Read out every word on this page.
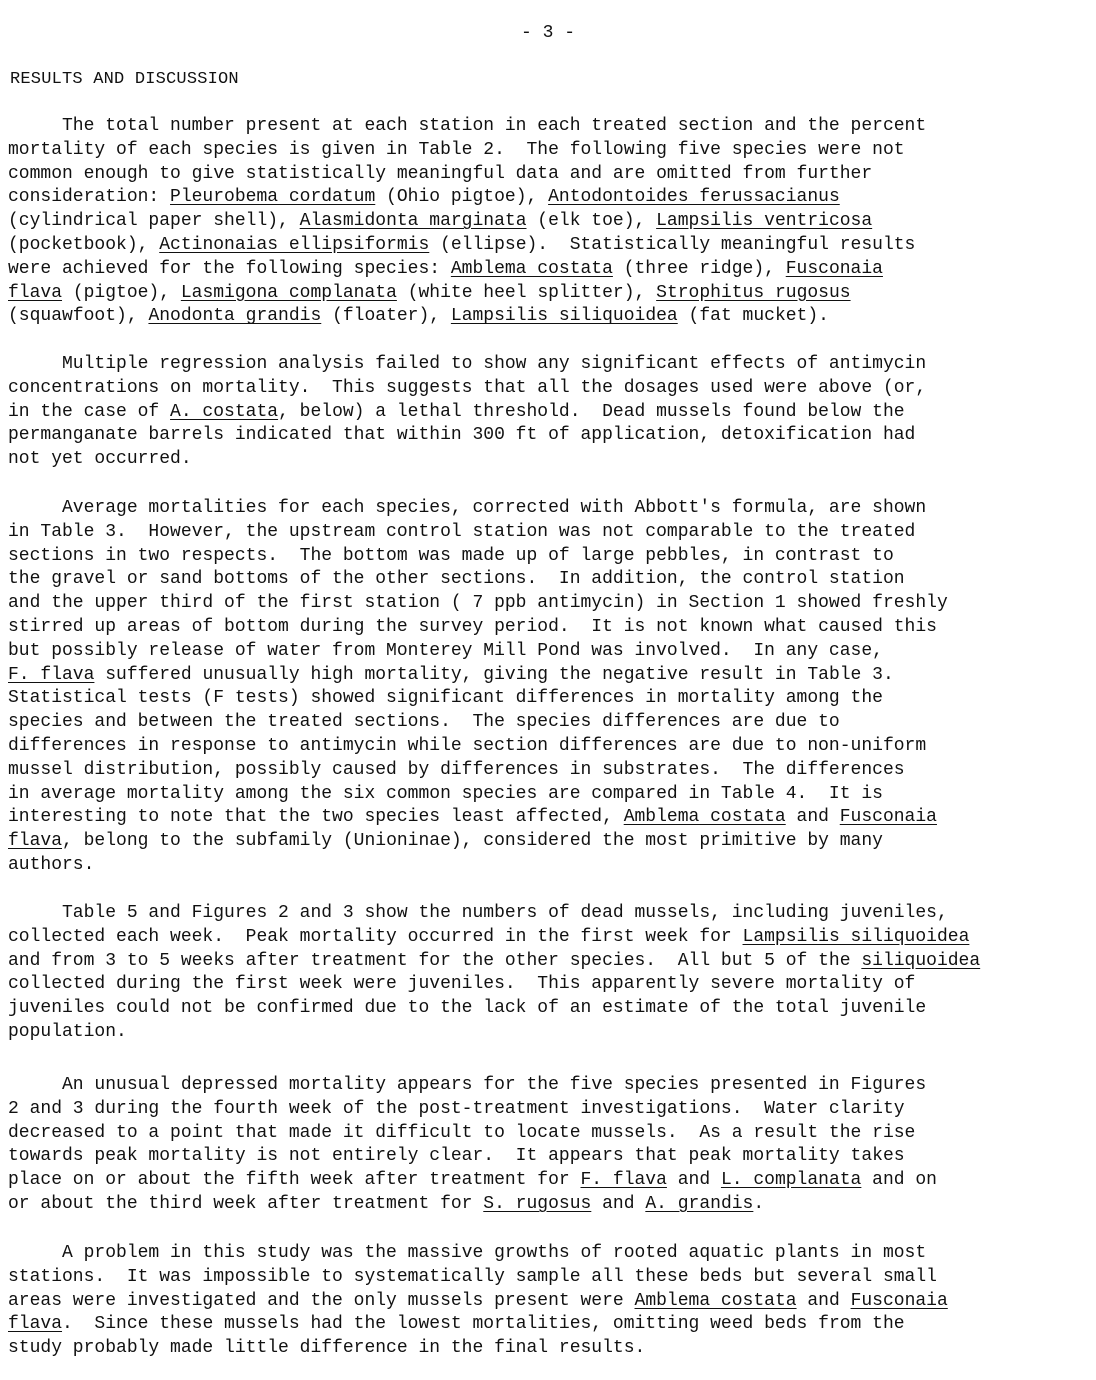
- 3 -
RESULTS AND DISCUSSION
The total number present at each station in each treated section and the percent
mortality of each species is given in Table 2.  The following five species were not
common enough to give statistically meaningful data and are omitted from further
consideration: Pleurobema cordatum (Ohio pigtoe), Antodontoides ferussacianus
(cylindrical paper shell), Alasmidonta marginata (elk toe), Lampsilis ventricosa
(pocketbook), Actinonaias ellipsiformis (ellipse).  Statistically meaningful results
were achieved for the following species: Amblema costata (three ridge), Fusconaia
flava (pigtoe), Lasmigona complanata (white heel splitter), Strophitus rugosus
(squawfoot), Anodonta grandis (floater), Lampsilis siliquoidea (fat mucket).
Multiple regression analysis failed to show any significant effects of antimycin
concentrations on mortality.  This suggests that all the dosages used were above (or,
in the case of A. costata, below) a lethal threshold.  Dead mussels found below the
permanganate barrels indicated that within 300 ft of application, detoxification had
not yet occurred.
Average mortalities for each species, corrected with Abbott's formula, are shown
in Table 3.  However, the upstream control station was not comparable to the treated
sections in two respects.  The bottom was made up of large pebbles, in contrast to
the gravel or sand bottoms of the other sections.  In addition, the control station
and the upper third of the first station ( 7 ppb antimycin) in Section 1 showed freshly
stirred up areas of bottom during the survey period.  It is not known what caused this
but possibly release of water from Monterey Mill Pond was involved.  In any case,
F. flava suffered unusually high mortality, giving the negative result in Table 3.
Statistical tests (F tests) showed significant differences in mortality among the
species and between the treated sections.  The species differences are due to
differences in response to antimycin while section differences are due to non-uniform
mussel distribution, possibly caused by differences in substrates.  The differences
in average mortality among the six common species are compared in Table 4.  It is
interesting to note that the two species least affected, Amblema costata and Fusconaia
flava, belong to the subfamily (Unioninae), considered the most primitive by many
authors.
Table 5 and Figures 2 and 3 show the numbers of dead mussels, including juveniles,
collected each week.  Peak mortality occurred in the first week for Lampsilis siliquoidea
and from 3 to 5 weeks after treatment for the other species.  All but 5 of the siliquoidea
collected during the first week were juveniles.  This apparently severe mortality of
juveniles could not be confirmed due to the lack of an estimate of the total juvenile
population.
An unusual depressed mortality appears for the five species presented in Figures
2 and 3 during the fourth week of the post-treatment investigations.  Water clarity
decreased to a point that made it difficult to locate mussels.  As a result the rise
towards peak mortality is not entirely clear.  It appears that peak mortality takes
place on or about the fifth week after treatment for F. flava and L. complanata and on
or about the third week after treatment for S. rugosus and A. grandis.
A problem in this study was the massive growths of rooted aquatic plants in most
stations.  It was impossible to systematically sample all these beds but several small
areas were investigated and the only mussels present were Amblema costata and Fusconaia
flava.  Since these mussels had the lowest mortalities, omitting weed beds from the
study probably made little difference in the final results.
